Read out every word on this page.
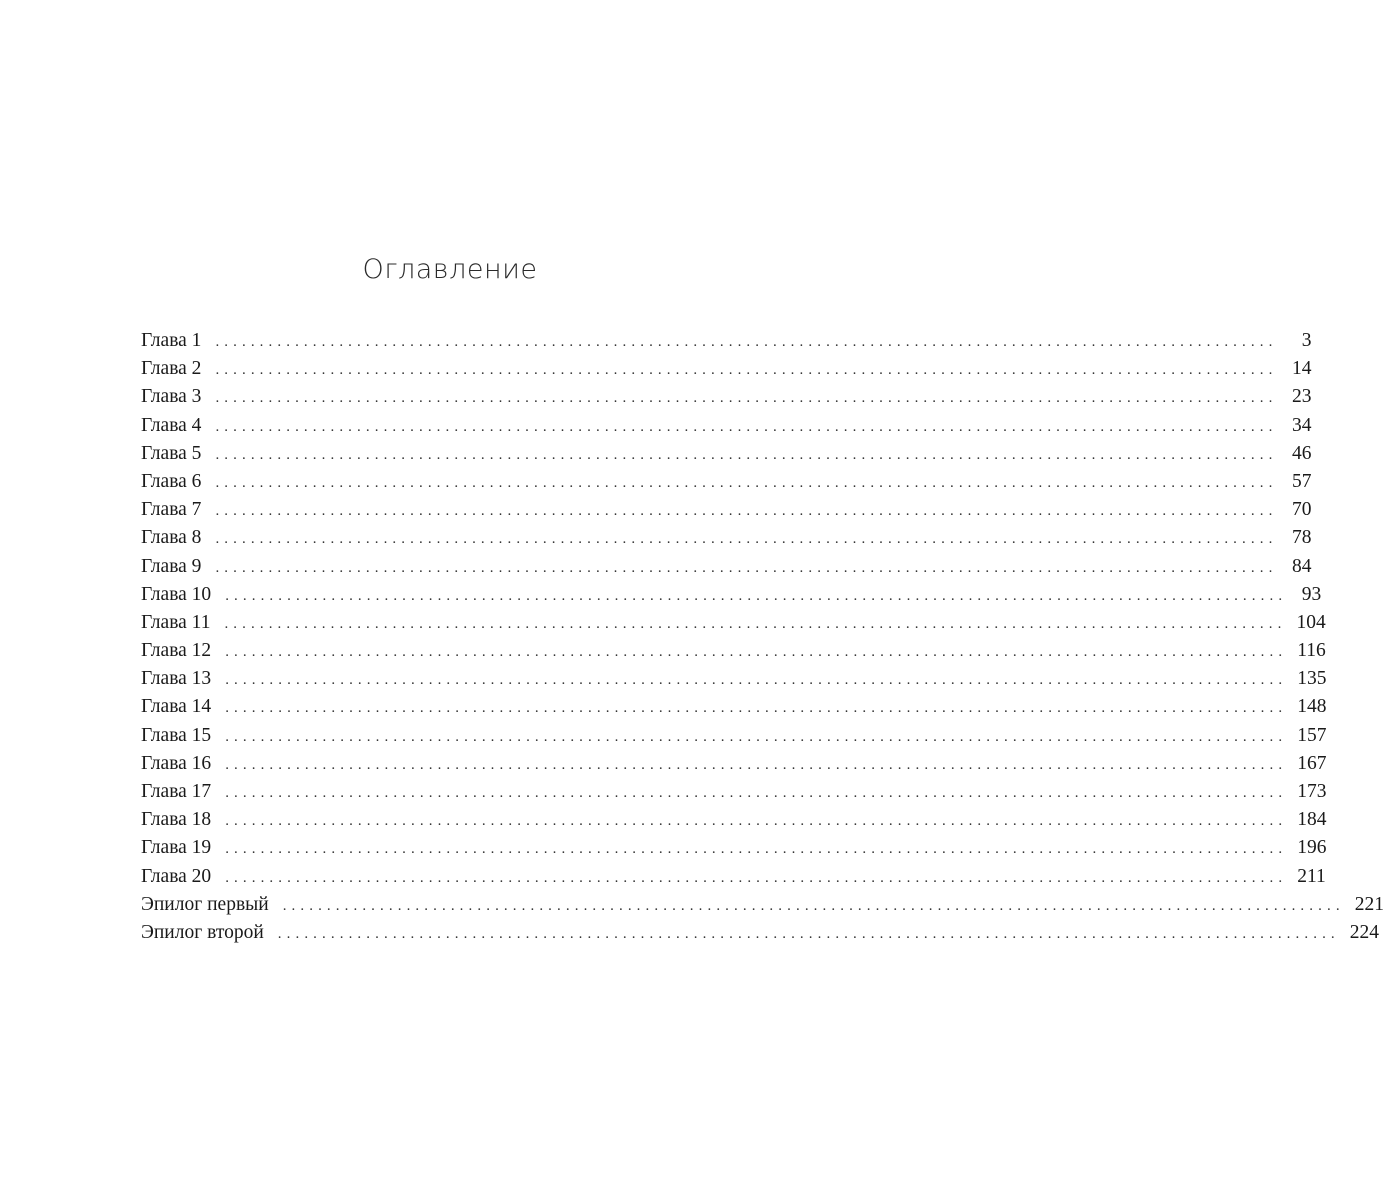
Оглавление
Глава 1 ........................................................................................................................	3
Глава 2 ........................................................................................................................ 14
Глава 3 ........................................................................................................................ 23
Глава 4 ........................................................................................................................ 34
Глава 5 ........................................................................................................................ 46
Глава 6 ........................................................................................................................ 57
Глава 7 ........................................................................................................................ 70
Глава 8 ........................................................................................................................ 78
Глава 9 ........................................................................................................................ 84
Глава 10 ........................................................................................................................ 93
Глава 11 ........................................................................................................................ 104
Глава 12 ........................................................................................................................ 116
Глава 13 ........................................................................................................................ 135
Глава 14 ........................................................................................................................ 148
Глава 15 ........................................................................................................................ 157
Глава 16 ........................................................................................................................ 167
Глава 17 ........................................................................................................................ 173
Глава 18 ........................................................................................................................ 184
Глава 19 ........................................................................................................................ 196
Глава 20 ........................................................................................................................ 211
Эпилог первый ........................................................................................................................ 221
Эпилог второй ........................................................................................................................ 224
